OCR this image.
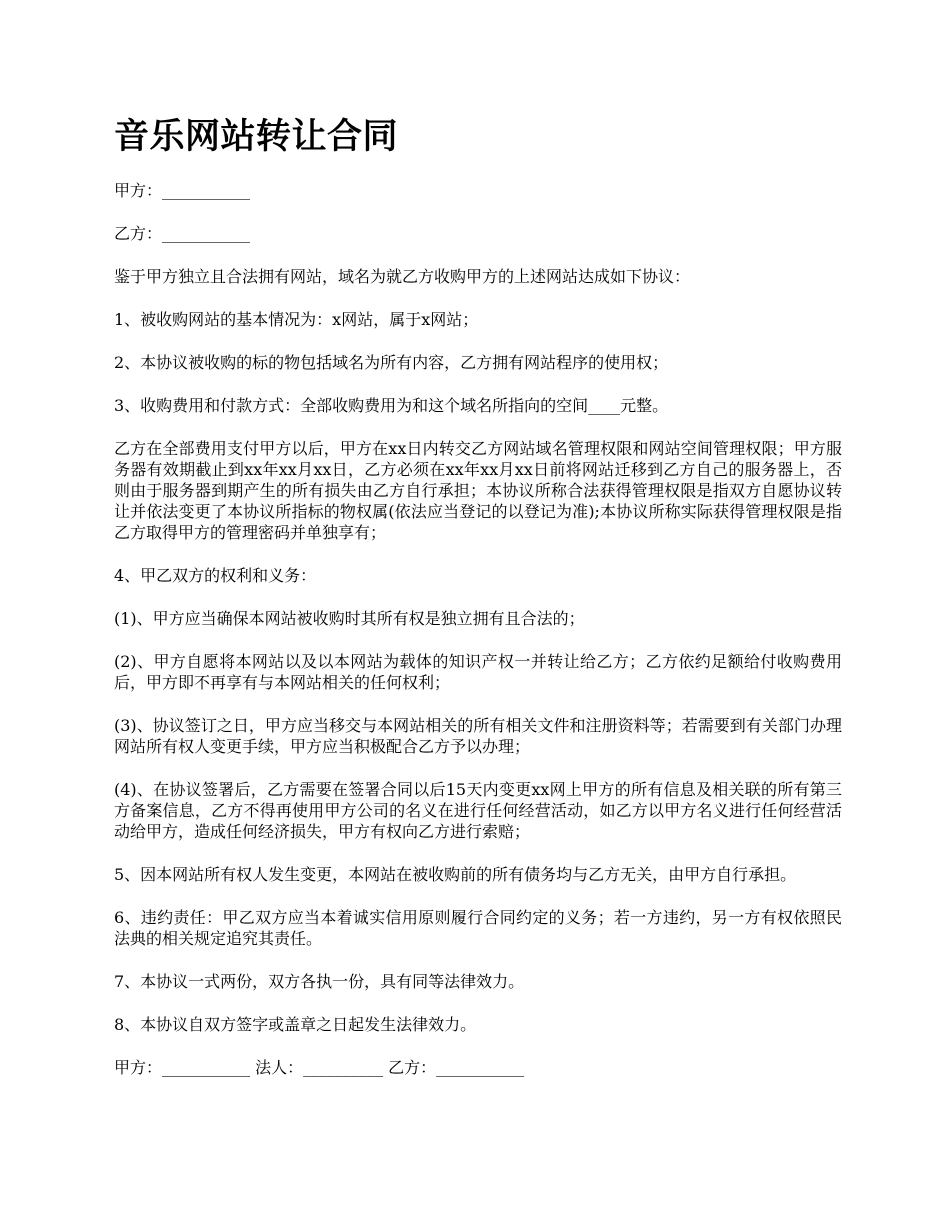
音乐网站转让合同

甲方：___________

乙方：___________

鉴于甲方独立且合法拥有网站，域名为就乙方收购甲方的上述网站达成如下协议：

1、被收购网站的基本情况为：x网站，属于x网站；

2、本协议被收购的标的物包括域名为所有内容，乙方拥有网站程序的使用权；

3、收购费用和付款方式：全部收购费用为和这个域名所指向的空间____元整。

乙方在全部费用支付甲方以后，甲方在xx日内转交乙方网站域名管理权限和网站空间管理权限；甲方服务器有效期截止到xx年xx月xx日，乙方必须在xx年xx月xx日前将网站迁移到乙方自己的服务器上，否则由于服务器到期产生的所有损失由乙方自行承担；本协议所称合法获得管理权限是指双方自愿协议转让并依法变更了本协议所指标的物权属(依法应当登记的以登记为准);本协议所称实际获得管理权限是指乙方取得甲方的管理密码并单独享有；

4、甲乙双方的权利和义务：

(1)、甲方应当确保本网站被收购时其所有权是独立拥有且合法的；

(2)、甲方自愿将本网站以及以本网站为载体的知识产权一并转让给乙方；乙方依约足额给付收购费用后，甲方即不再享有与本网站相关的任何权利；

(3)、协议签订之日，甲方应当移交与本网站相关的所有相关文件和注册资料等；若需要到有关部门办理网站所有权人变更手续，甲方应当积极配合乙方予以办理；

(4)、在协议签署后，乙方需要在签署合同以后15天内变更xx网上甲方的所有信息及相关联的所有第三方备案信息，乙方不得再使用甲方公司的名义在进行任何经营活动，如乙方以甲方名义进行任何经营活动给甲方，造成任何经济损失，甲方有权向乙方进行索赔；

5、因本网站所有权人发生变更，本网站在被收购前的所有债务均与乙方无关，由甲方自行承担。

6、违约责任：甲乙双方应当本着诚实信用原则履行合同约定的义务；若一方违约，另一方有权依照民法典的相关规定追究其责任。

7、本协议一式两份，双方各执一份，具有同等法律效力。

8、本协议自双方签字或盖章之日起发生法律效力。

甲方：___________ 法人：__________ 乙方：___________
